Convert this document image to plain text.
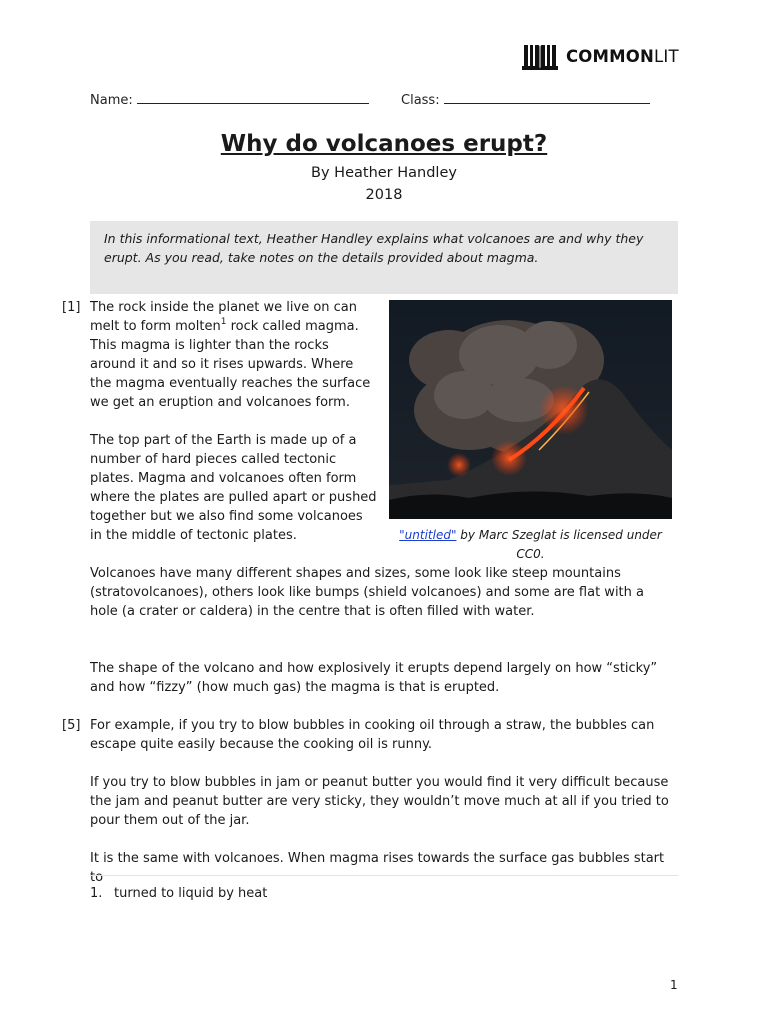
COMMONLIT
Name:	Class:
Why do volcanoes erupt?
By Heather Handley
2018

In this informational text, Heather Handley explains what volcanoes are and why they erupt. As you read, take notes on the details provided about magma.

[1] The rock inside the planet we live on can melt to form molten$^1$ rock called magma. This magma is lighter than the rocks around it and so it rises upwards. Where the magma eventually reaches the surface we get an eruption and volcanoes form.

The top part of the Earth is made up of a number of hard pieces called tectonic plates. Magma and volcanoes often form where the plates are pulled apart or pushed together but we also find some volcanoes in the middle of tectonic plates.	"untitled" by Marc Szeglat is licensed under CC0.

Volcanoes have many different shapes and sizes, some look like steep mountains (stratovolcanoes), others look like bumps (shield volcanoes) and some are flat with a hole (a crater or caldera) in the centre that is often filled with water.

The shape of the volcano and how explosively it erupts depend largely on how “sticky” and how “fizzy” (how much gas) the magma is that is erupted.

[5] For example, if you try to blow bubbles in cooking oil through a straw, the bubbles can escape quite easily because the cooking oil is runny.

If you try to blow bubbles in jam or peanut butter you would find it very difficult because the jam and peanut butter are very sticky, they wouldn’t move much at all if you tried to pour them out of the jar.

It is the same with volcanoes. When magma rises towards the surface gas bubbles start to

1. turned to liquid by heat
1
